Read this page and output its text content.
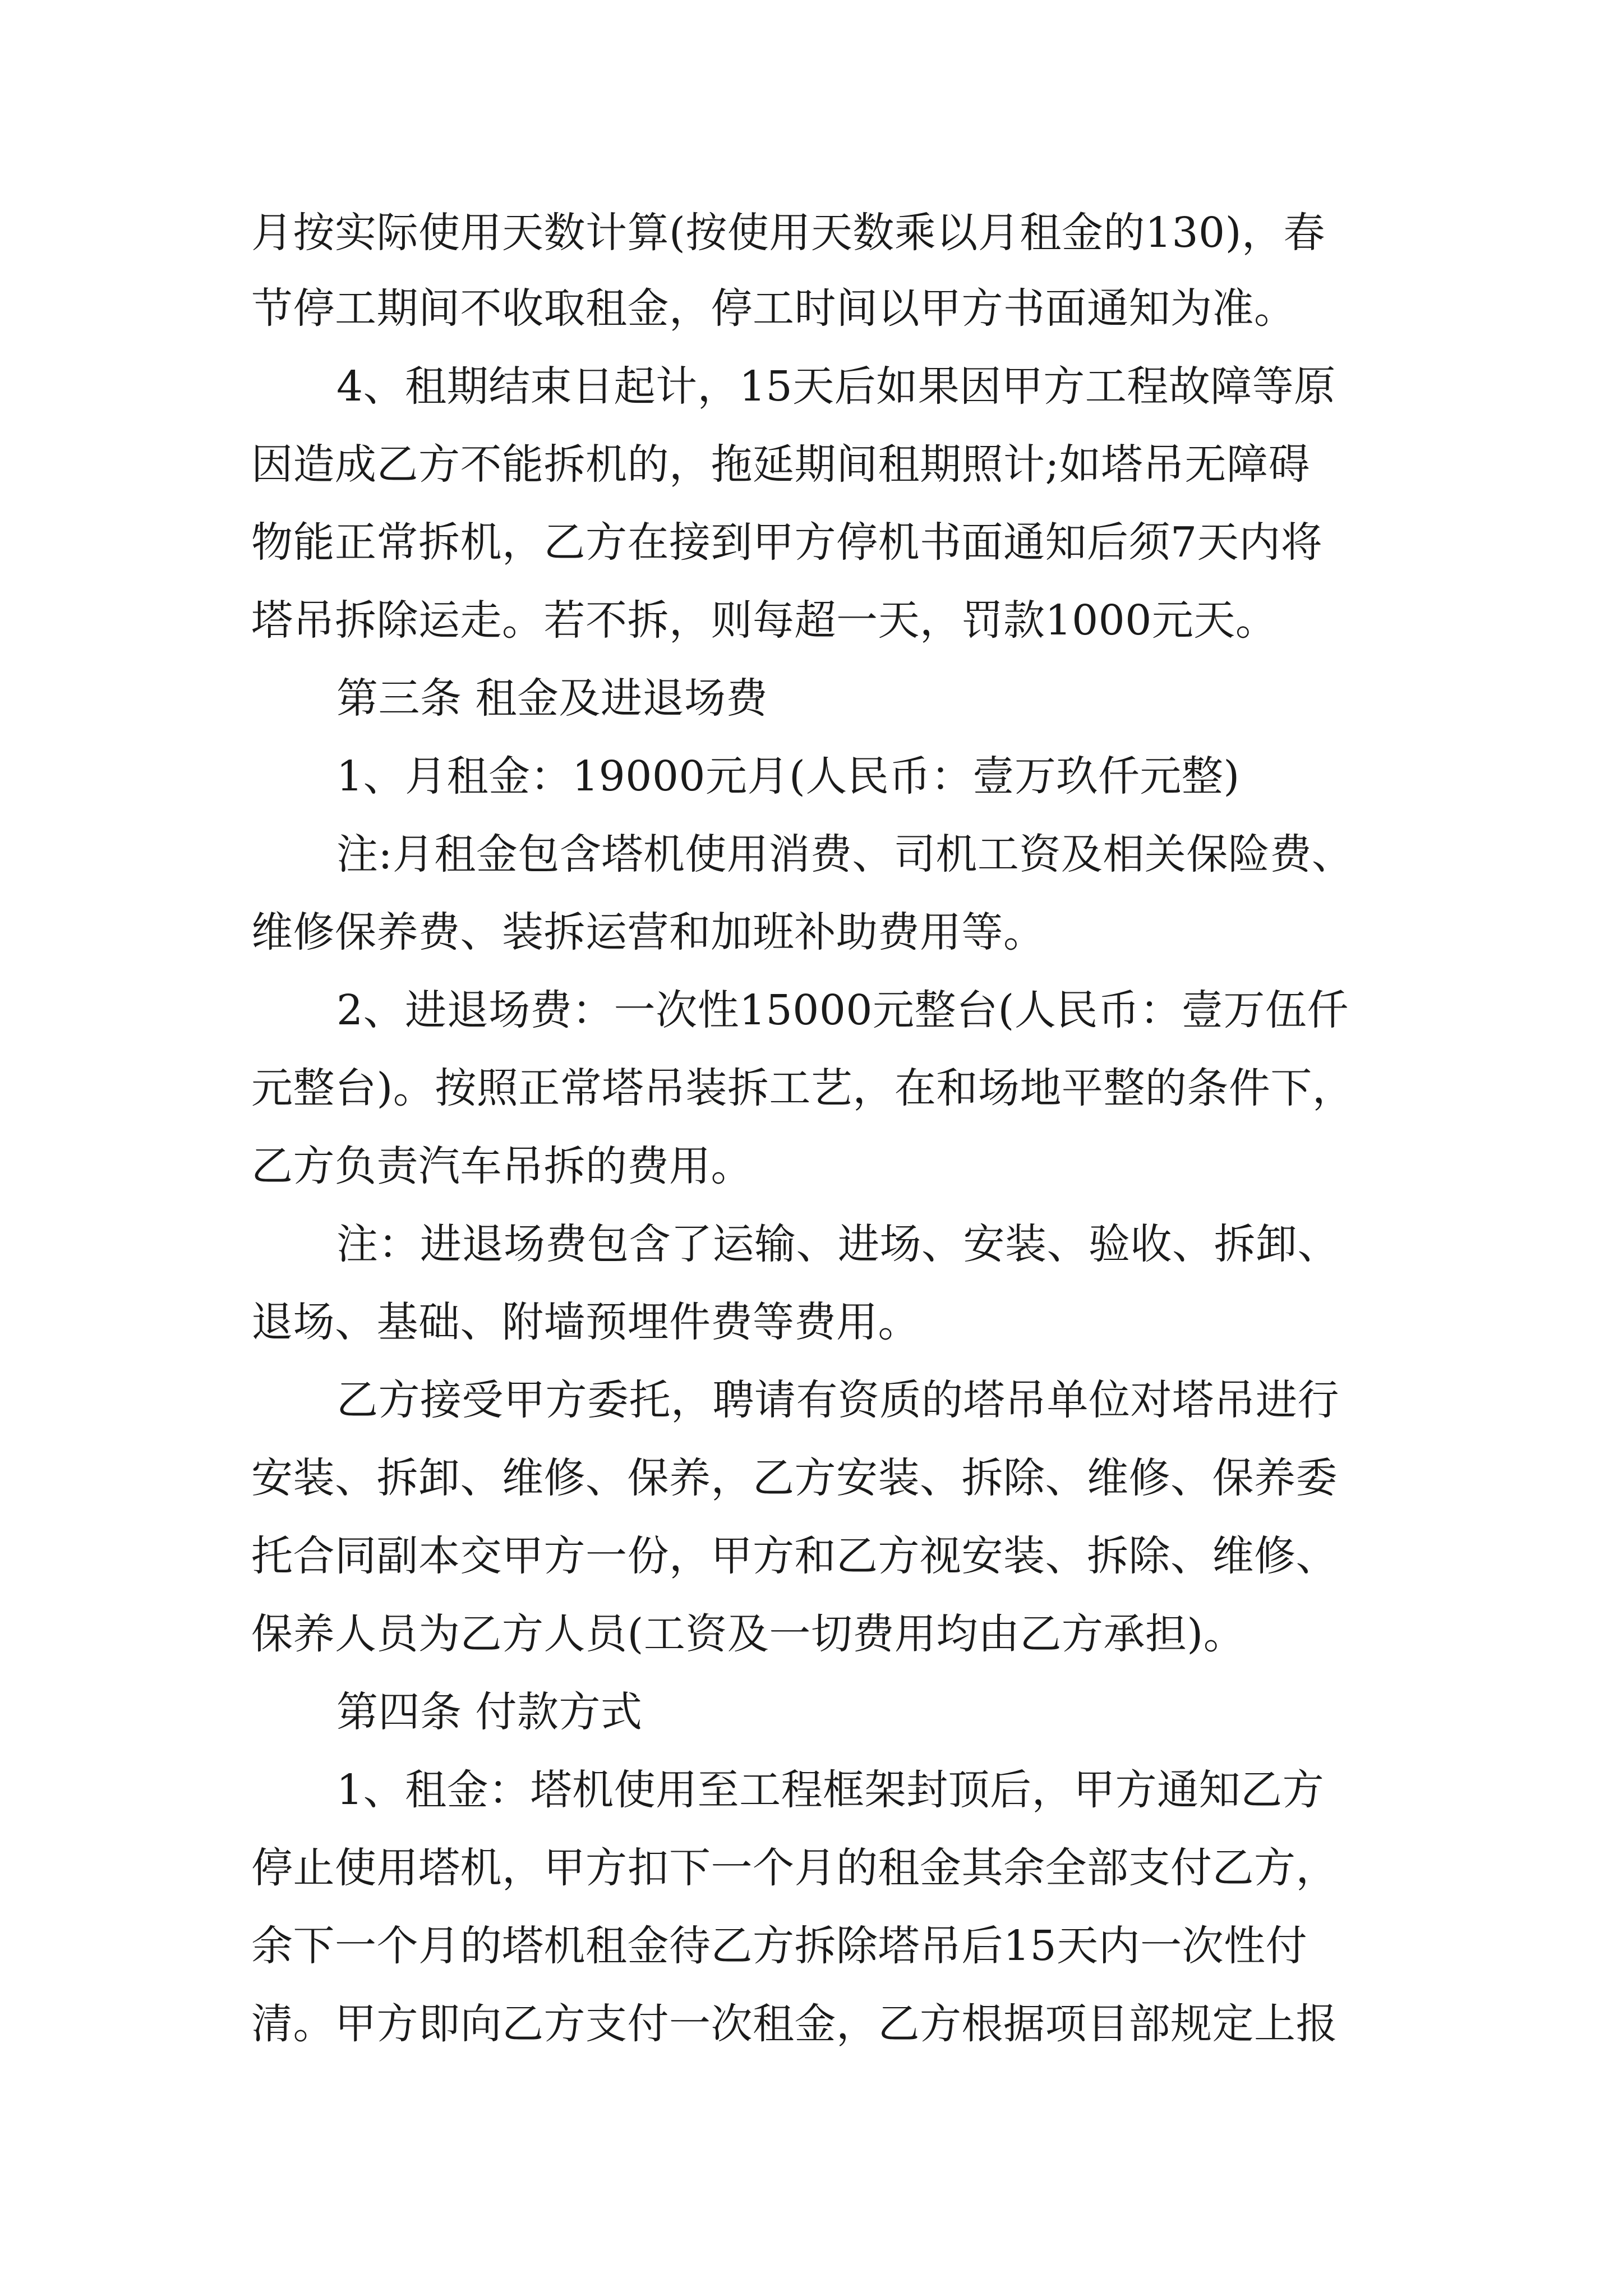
月按实际使用天数计算(按使用天数乘以月租金的130)，春
节停工期间不收取租金，停工时间以甲方书面通知为准。
4、租期结束日起计，15天后如果因甲方工程故障等原
因造成乙方不能拆机的，拖延期间租期照计;如塔吊无障碍
物能正常拆机，乙方在接到甲方停机书面通知后须7天内将
塔吊拆除运走。若不拆，则每超一天，罚款1000元天。
第三条 租金及进退场费
1、月租金：19000元月(人民币：壹万玖仟元整)
注:月租金包含塔机使用消费、司机工资及相关保险费、
维修保养费、装拆运营和加班补助费用等。
2、进退场费：一次性15000元整台(人民币：壹万伍仟
元整台)。按照正常塔吊装拆工艺，在和场地平整的条件下，
乙方负责汽车吊拆的费用。
注：进退场费包含了运输、进场、安装、验收、拆卸、
退场、基础、附墙预埋件费等费用。
乙方接受甲方委托，聘请有资质的塔吊单位对塔吊进行
安装、拆卸、维修、保养，乙方安装、拆除、维修、保养委
托合同副本交甲方一份，甲方和乙方视安装、拆除、维修、
保养人员为乙方人员(工资及一切费用均由乙方承担)。
第四条 付款方式
1、租金：塔机使用至工程框架封顶后，甲方通知乙方
停止使用塔机，甲方扣下一个月的租金其余全部支付乙方，
余下一个月的塔机租金待乙方拆除塔吊后15天内一次性付
清。甲方即向乙方支付一次租金，乙方根据项目部规定上报
